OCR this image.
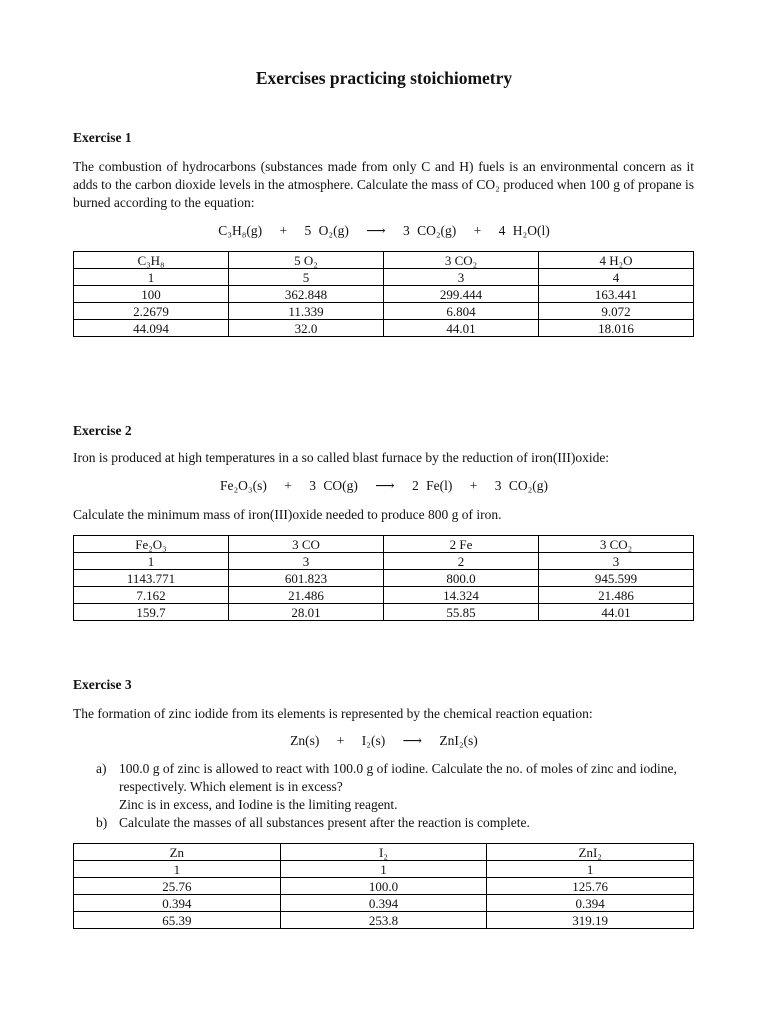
Exercises practicing stoichiometry
Exercise 1

The combustion of hydrocarbons (substances made from only C and H) fuels is an environmental concern as it adds to the carbon dioxide levels in the atmosphere. Calculate the mass of CO₂ produced when 100 g of propane is burned according to the equation:

C₃H₈(g) + 5 O₂(g) ⟶ 3 CO₂(g) + 4 H₂O(l)
C₃H₈	5 O₂	3 CO₂	4 H₂O
1	5	3	4
100	362.848	299.444	163.441
2.2679	11.339	6.804	9.072
44.094	32.0	44.01	18.016
Exercise 2

Iron is produced at high temperatures in a so called blast furnace by the reduction of iron(III)oxide:

Fe₂O₃(s) + 3 CO(g) ⟶ 2 Fe(l) + 3 CO₂(g)

Calculate the minimum mass of iron(III)oxide needed to produce 800 g of iron.

Fe₂O₃	3 CO	2 Fe	3 CO₂
1	3	2	3
1143.771	601.823	800.0	945.599
7.162	21.486	14.324	21.486
159.7	28.01	55.85	44.01
Exercise 3

The formation of zinc iodide from its elements is represented by the chemical reaction equation:

Zn(s) + I₂(s) ⟶ ZnI₂(s)
a) 100.0 g of zinc is allowed to react with 100.0 g of iodine. Calculate the no. of moles of zinc and iodine, respectively. Which element is in excess?
Zinc is in excess, and Iodine is the limiting reagent.
b) Calculate the masses of all substances present after the reaction is complete.
Zn	I₂	ZnI₂
1	1	1
25.76	100.0	125.76
0.394	0.394	0.394
65.39	253.8	319.19
